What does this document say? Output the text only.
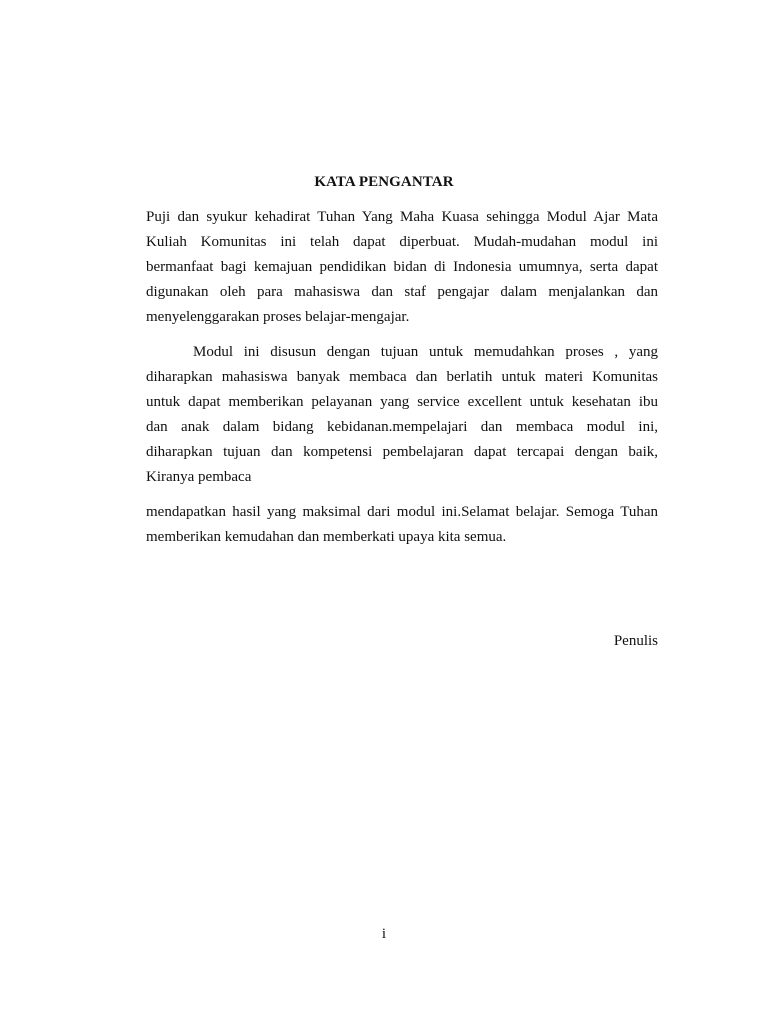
KATA PENGANTAR

Puji dan syukur kehadirat Tuhan Yang Maha Kuasa sehingga Modul Ajar Mata
Kuliah Komunitas ini telah dapat diperbuat. Mudah-mudahan modul ini
bermanfaat bagi kemajuan pendidikan bidan di Indonesia umumnya, serta dapat
digunakan oleh para mahasiswa dan staf pengajar dalam menjalankan dan
menyelenggarakan proses belajar-mengajar.

Modul ini disusun dengan tujuan untuk memudahkan proses , yang
diharapkan mahasiswa banyak membaca dan berlatih untuk materi Komunitas
untuk dapat memberikan pelayanan yang service excellent untuk kesehatan ibu
dan anak dalam bidang kebidanan.mempelajari dan membaca modul ini,
diharapkan tujuan dan kompetensi pembelajaran dapat tercapai dengan baik,
Kiranya pembaca

mendapatkan hasil yang maksimal dari modul ini.Selamat belajar. Semoga Tuhan
memberikan kemudahan dan memberkati upaya kita semua.

Penulis
i
